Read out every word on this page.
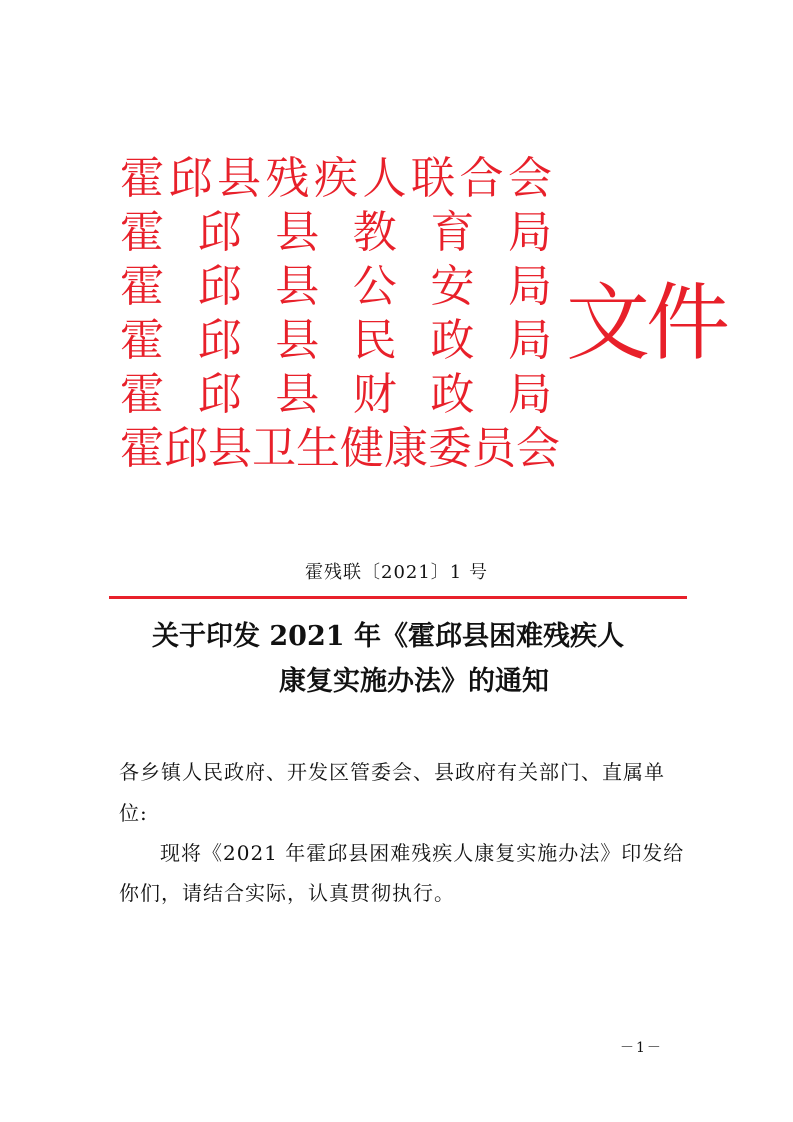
霍 邱 县 残 疾 人 联 合 会
霍 邱 县 教 育 局
霍 邱 县 公 安 局
霍 邱 县 民 政 局
霍 邱 县 财 政 局
霍 邱 县 卫 生 健 康 委 员 会
文件
霍残联〔2021〕1 号
关于印发 2021 年《霍邱县困难残疾人
康复实施办法》的通知
各乡镇人民政府、开发区管委会、县政府有关部门、直属单
位:
现将《2021 年霍邱县困难残疾人康复实施办法》印发给
你们，请结合实际，认真贯彻执行。
－1－
